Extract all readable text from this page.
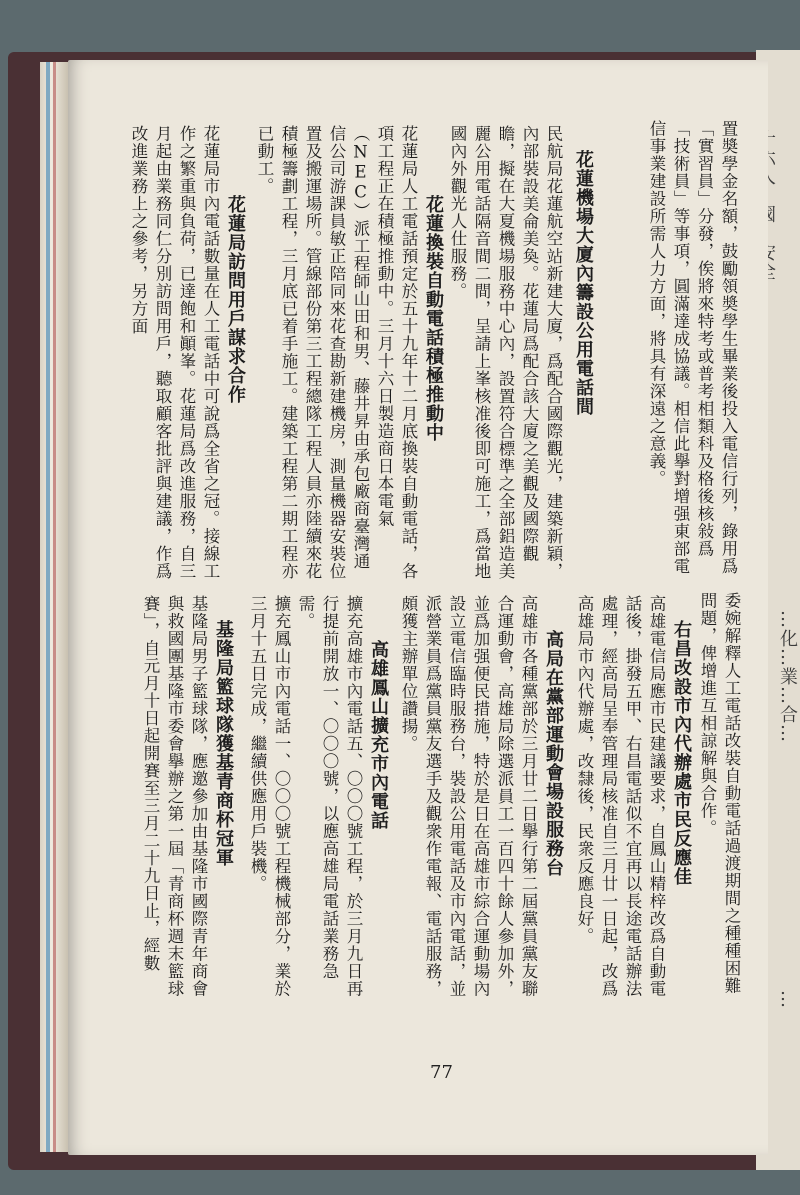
…化…業…合…
…
置奬學金名額，鼓勵領奬學生畢業後投入電信行列，錄用爲「實習員」分發，俟將來特考或普考相類科及格後核敍爲「技術員」等事項，圓滿達成協議。相信此擧對增强東部電信事業建設所需人力方面，將具有深遠之意義。
花蓮機場大廈內籌設公用電話間
民航局花蓮航空站新建大廈，爲配合國際觀光，建築新穎，內部裝設美侖美奐。花蓮局爲配合該大廈之美觀及國際觀瞻，擬在大夏機場服務中心內，設置符合標準之全部鋁造美麗公用電話隔音間二間，呈請上峯核准後即可施工，爲當地國內外觀光人仕服務。
花蓮換裝自動電話積極推動中
花蓮局人工電話預定於五十九年十二月底換裝自動電話，各項工程正在積極推動中。三月十六日製造商日本電氣（NEC）派工程師山田和男、藤井昇由承包廠商臺灣通信公司游課員敏正陪同來花查勘新建機房，測量機器安裝位置及搬運場所。管線部份第三工程總隊工程人員亦陸續來花積極籌劃工程，三月底已着手施工。建築工程第二期工程亦已動工。
花蓮局訪問用戶謀求合作
花蓮局市內電話數量在人工電話中可說爲全省之冠。接線工作之繁重與負荷，已達飽和顚峯。花蓮局爲改進服務，自三月起由業務同仁分別訪問用戶，聽取顧客批評與建議，作爲改進業務上之參考，另方面
委婉解釋人工電話改裝自動電話過渡期間之種種困難問題，俾增進互相諒解與合作。
右昌改設市內代辦處市民反應佳
高雄電信局應市民建議要求，自鳳山精梓改爲自動電話後，掛發五甲、右昌電話似不宜再以長途電話辦法處理，經高局呈奉管理局核准自三月廿一日起，改爲高雄局市內代辦處，改隸後，民衆反應良好。
高局在黨部運動會場設服務台
高雄市各種黨部於三月廿二日擧行第二屆黨員黨友聯合運動會，高雄局除選派員工一百四十餘人參加外，並爲加强便民措施，特於是日在高雄市綜合運動場內設立電信臨時服務台，裝設公用電話及市內電話，並派營業員爲黨員黨友選手及觀衆作電報、電話服務，頗獲主辦單位讚揚。
高雄鳳山擴充市內電話
擴充高雄市內電話五、〇〇〇號工程，於三月九日再行提前開放一、〇〇〇號，以應高雄局電話業務急需。
擴充鳳山市內電話一、〇〇〇號工程機械部分，業於三月十五日完成，繼續供應用戶裝機。
基隆局籃球隊獲基青商杯冠軍
基隆局男子籃球隊，應邀參加由基隆市國際青年商會與救國團基隆市委會擧辦之第一屆「青商杯週末籃球賽」，自元月十日起開賽至三月二十九日止，經數
77
